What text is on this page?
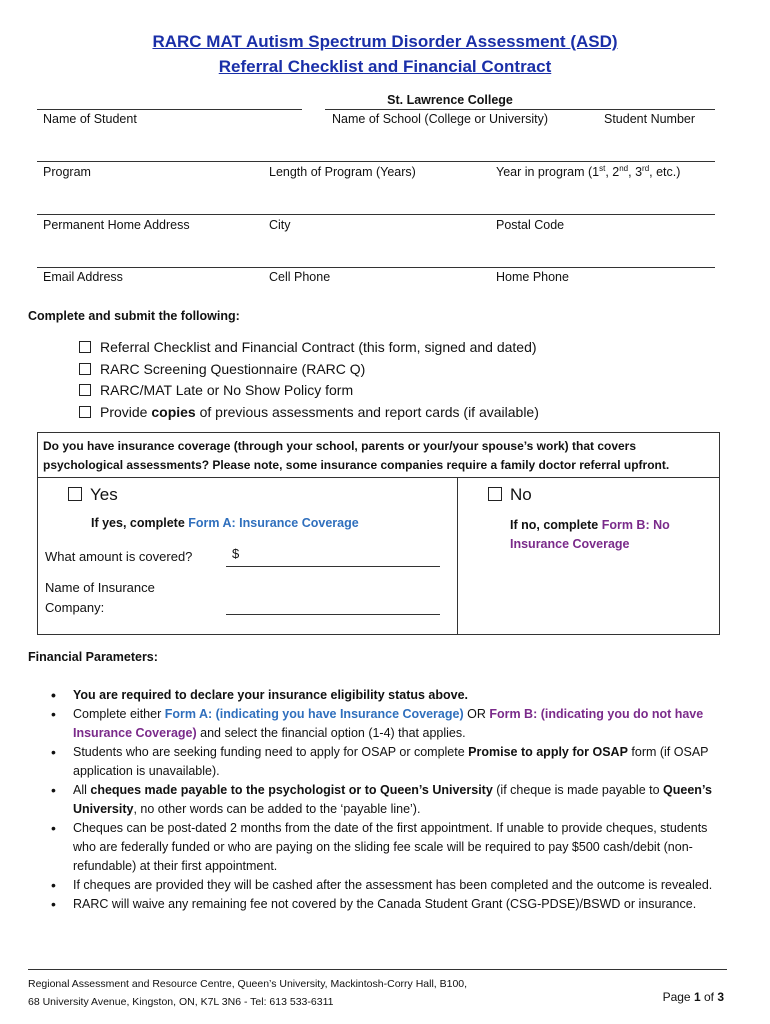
RARC MAT Autism Spectrum Disorder Assessment (ASD)
Referral Checklist and Financial Contract
St. Lawrence College
Name of Student	Name of School (College or University)	Student Number
Program	Length of Program (Years)	Year in program (1st, 2nd, 3rd, etc.)
Permanent Home Address	City	Postal Code
Email Address	Cell Phone	Home Phone
Complete and submit the following:
Referral Checklist and Financial Contract (this form, signed and dated)
RARC Screening Questionnaire (RARC Q)
RARC/MAT Late or No Show Policy form
Provide copies of previous assessments and report cards (if available)
Do you have insurance coverage (through your school, parents or your/your spouse’s work) that covers psychological assessments? Please note, some insurance companies require a family doctor referral upfront.
Yes	No
If yes, complete Form A: Insurance Coverage	If no, complete Form B: No Insurance Coverage
What amount is covered?	$
Name of Insurance
Company:
Financial Parameters:
• You are required to declare your insurance eligibility status above.
• Complete either Form A: (indicating you have Insurance Coverage) OR Form B: (indicating you do not have Insurance Coverage) and select the financial option (1-4) that applies.
• Students who are seeking funding need to apply for OSAP or complete Promise to apply for OSAP form (if OSAP application is unavailable).
• All cheques made payable to the psychologist or to Queen’s University (if cheque is made payable to Queen’s University, no other words can be added to the ‘payable line’).
• Cheques can be post-dated 2 months from the date of the first appointment. If unable to provide cheques, students who are federally funded or who are paying on the sliding fee scale will be required to pay $500 cash/debit (non-refundable) at their first appointment.
• If cheques are provided they will be cashed after the assessment has been completed and the outcome is revealed.
• RARC will waive any remaining fee not covered by the Canada Student Grant (CSG-PDSE)/BSWD or insurance.
Regional Assessment and Resource Centre, Queen’s University, Mackintosh-Corry Hall, B100,
68 University Avenue, Kingston, ON, K7L 3N6 - Tel: 613 533-6311	Page 1 of 3
